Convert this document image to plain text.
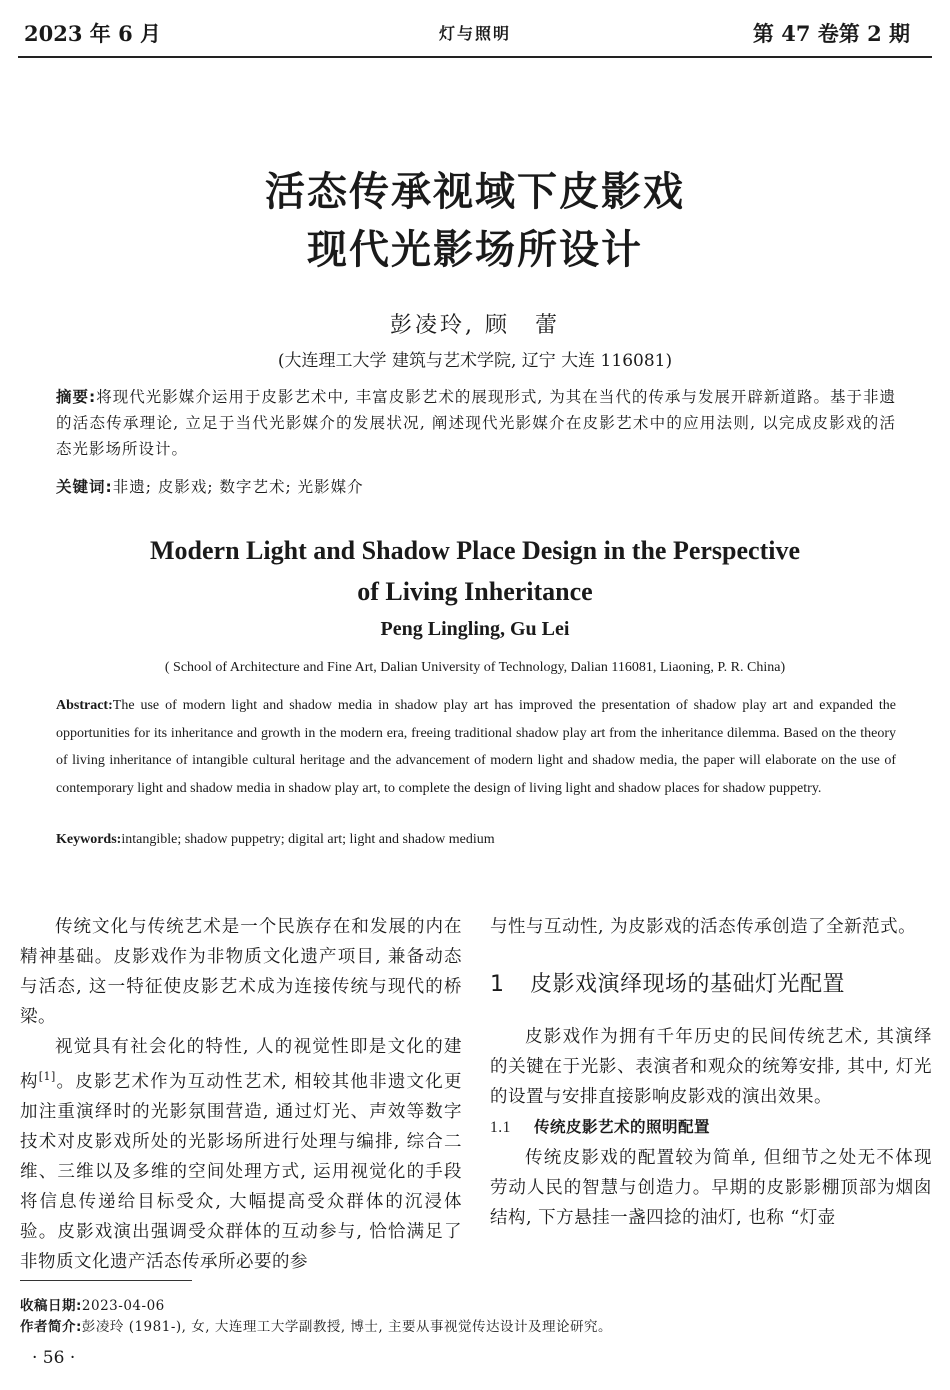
2023 年 6 月	灯与照明	第 47 卷第 2 期
活态传承视域下皮影戏
现代光影场所设计
彭凌玲, 顾　蕾
(大连理工大学 建筑与艺术学院, 辽宁 大连 116081)
摘要:将现代光影媒介运用于皮影艺术中, 丰富皮影艺术的展现形式, 为其在当代的传承与发展开辟新道路。基于非遗的活态传承理论, 立足于当代光影媒介的发展状况, 阐述现代光影媒介在皮影艺术中的应用法则, 以完成皮影戏的活态光影场所设计。
关键词:非遗; 皮影戏; 数字艺术; 光影媒介
Modern Light and Shadow Place Design in the Perspective
of Living Inheritance
Peng Lingling, Gu Lei
( School of Architecture and Fine Art, Dalian University of Technology, Dalian 116081, Liaoning, P. R. China)
Abstract:The use of modern light and shadow media in shadow play art has improved the presentation of shadow play art and expanded the opportunities for its inheritance and growth in the modern era, freeing traditional shadow play art from the inheritance dilemma. Based on the theory of living inheritance of intangible cultural heritage and the advancement of modern light and shadow media, the paper will elaborate on the use of contemporary light and shadow media in shadow play art, to complete the design of living light and shadow places for shadow puppetry.
Keywords:intangible; shadow puppetry; digital art; light and shadow medium

传统文化与传统艺术是一个民族存在和发展的内在精神基础。皮影戏作为非物质文化遗产项目, 兼备动态与活态, 这一特征使皮影艺术成为连接传统与现代的桥梁。

视觉具有社会化的特性, 人的视觉性即是文化的建构[1]。皮影艺术作为互动性艺术, 相较其他非遗文化更加注重演绎时的光影氛围营造, 通过灯光、声效等数字技术对皮影戏所处的光影场所进行处理与编排, 综合二维、三维以及多维的空间处理方式, 运用视觉化的手段将信息传递给目标受众, 大幅提高受众群体的沉浸体验。皮影戏演出强调受众群体的互动参与, 恰恰满足了非物质文化遗产活态传承所必要的参

与性与互动性, 为皮影戏的活态传承创造了全新范式。

1 皮影戏演绎现场的基础灯光配置

皮影戏作为拥有千年历史的民间传统艺术, 其演绎的关键在于光影、表演者和观众的统筹安排, 其中, 灯光的设置与安排直接影响皮影戏的演出效果。

1.1 传统皮影艺术的照明配置

传统皮影戏的配置较为简单, 但细节之处无不体现劳动人民的智慧与创造力。早期的皮影影棚顶部为烟囱结构, 下方悬挂一盏四捻的油灯, 也称 “灯壶

收稿日期:2023-04-06
作者简介:彭凌玲 (1981-), 女, 大连理工大学副教授, 博士, 主要从事视觉传达设计及理论研究。
· 56 ·
